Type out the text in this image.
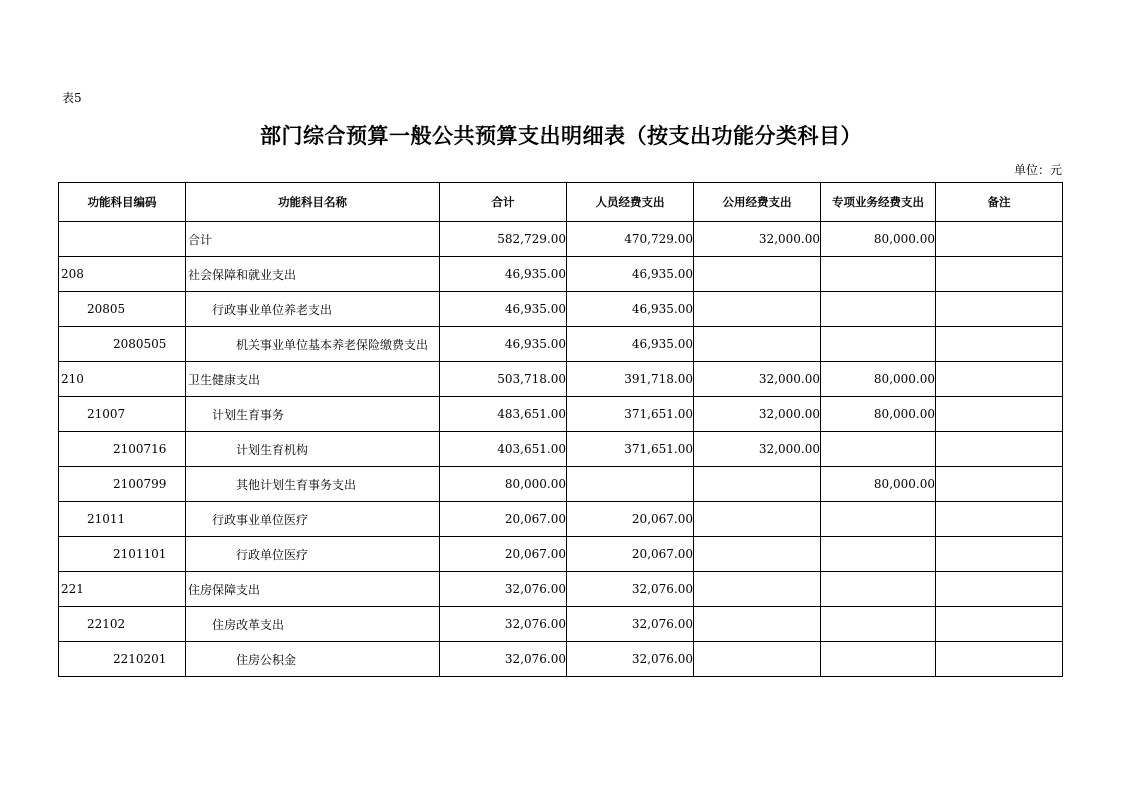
表5
部门综合预算一般公共预算支出明细表（按支出功能分类科目）
单位：元
功能科目编码	功能科目名称	合计	人员经费支出	公用经费支出	专项业务经费支出	备注
	合计	582,729.00	470,729.00	32,000.00	80,000.00	
208	社会保障和就业支出	46,935.00	46,935.00			
20805	行政事业单位养老支出	46,935.00	46,935.00			
2080505	机关事业单位基本养老保险缴费支出	46,935.00	46,935.00			
210	卫生健康支出	503,718.00	391,718.00	32,000.00	80,000.00	
21007	计划生育事务	483,651.00	371,651.00	32,000.00	80,000.00	
2100716	计划生育机构	403,651.00	371,651.00	32,000.00		
2100799	其他计划生育事务支出	80,000.00			80,000.00	
21011	行政事业单位医疗	20,067.00	20,067.00			
2101101	行政单位医疗	20,067.00	20,067.00			
221	住房保障支出	32,076.00	32,076.00			
22102	住房改革支出	32,076.00	32,076.00			
2210201	住房公积金	32,076.00	32,076.00			
